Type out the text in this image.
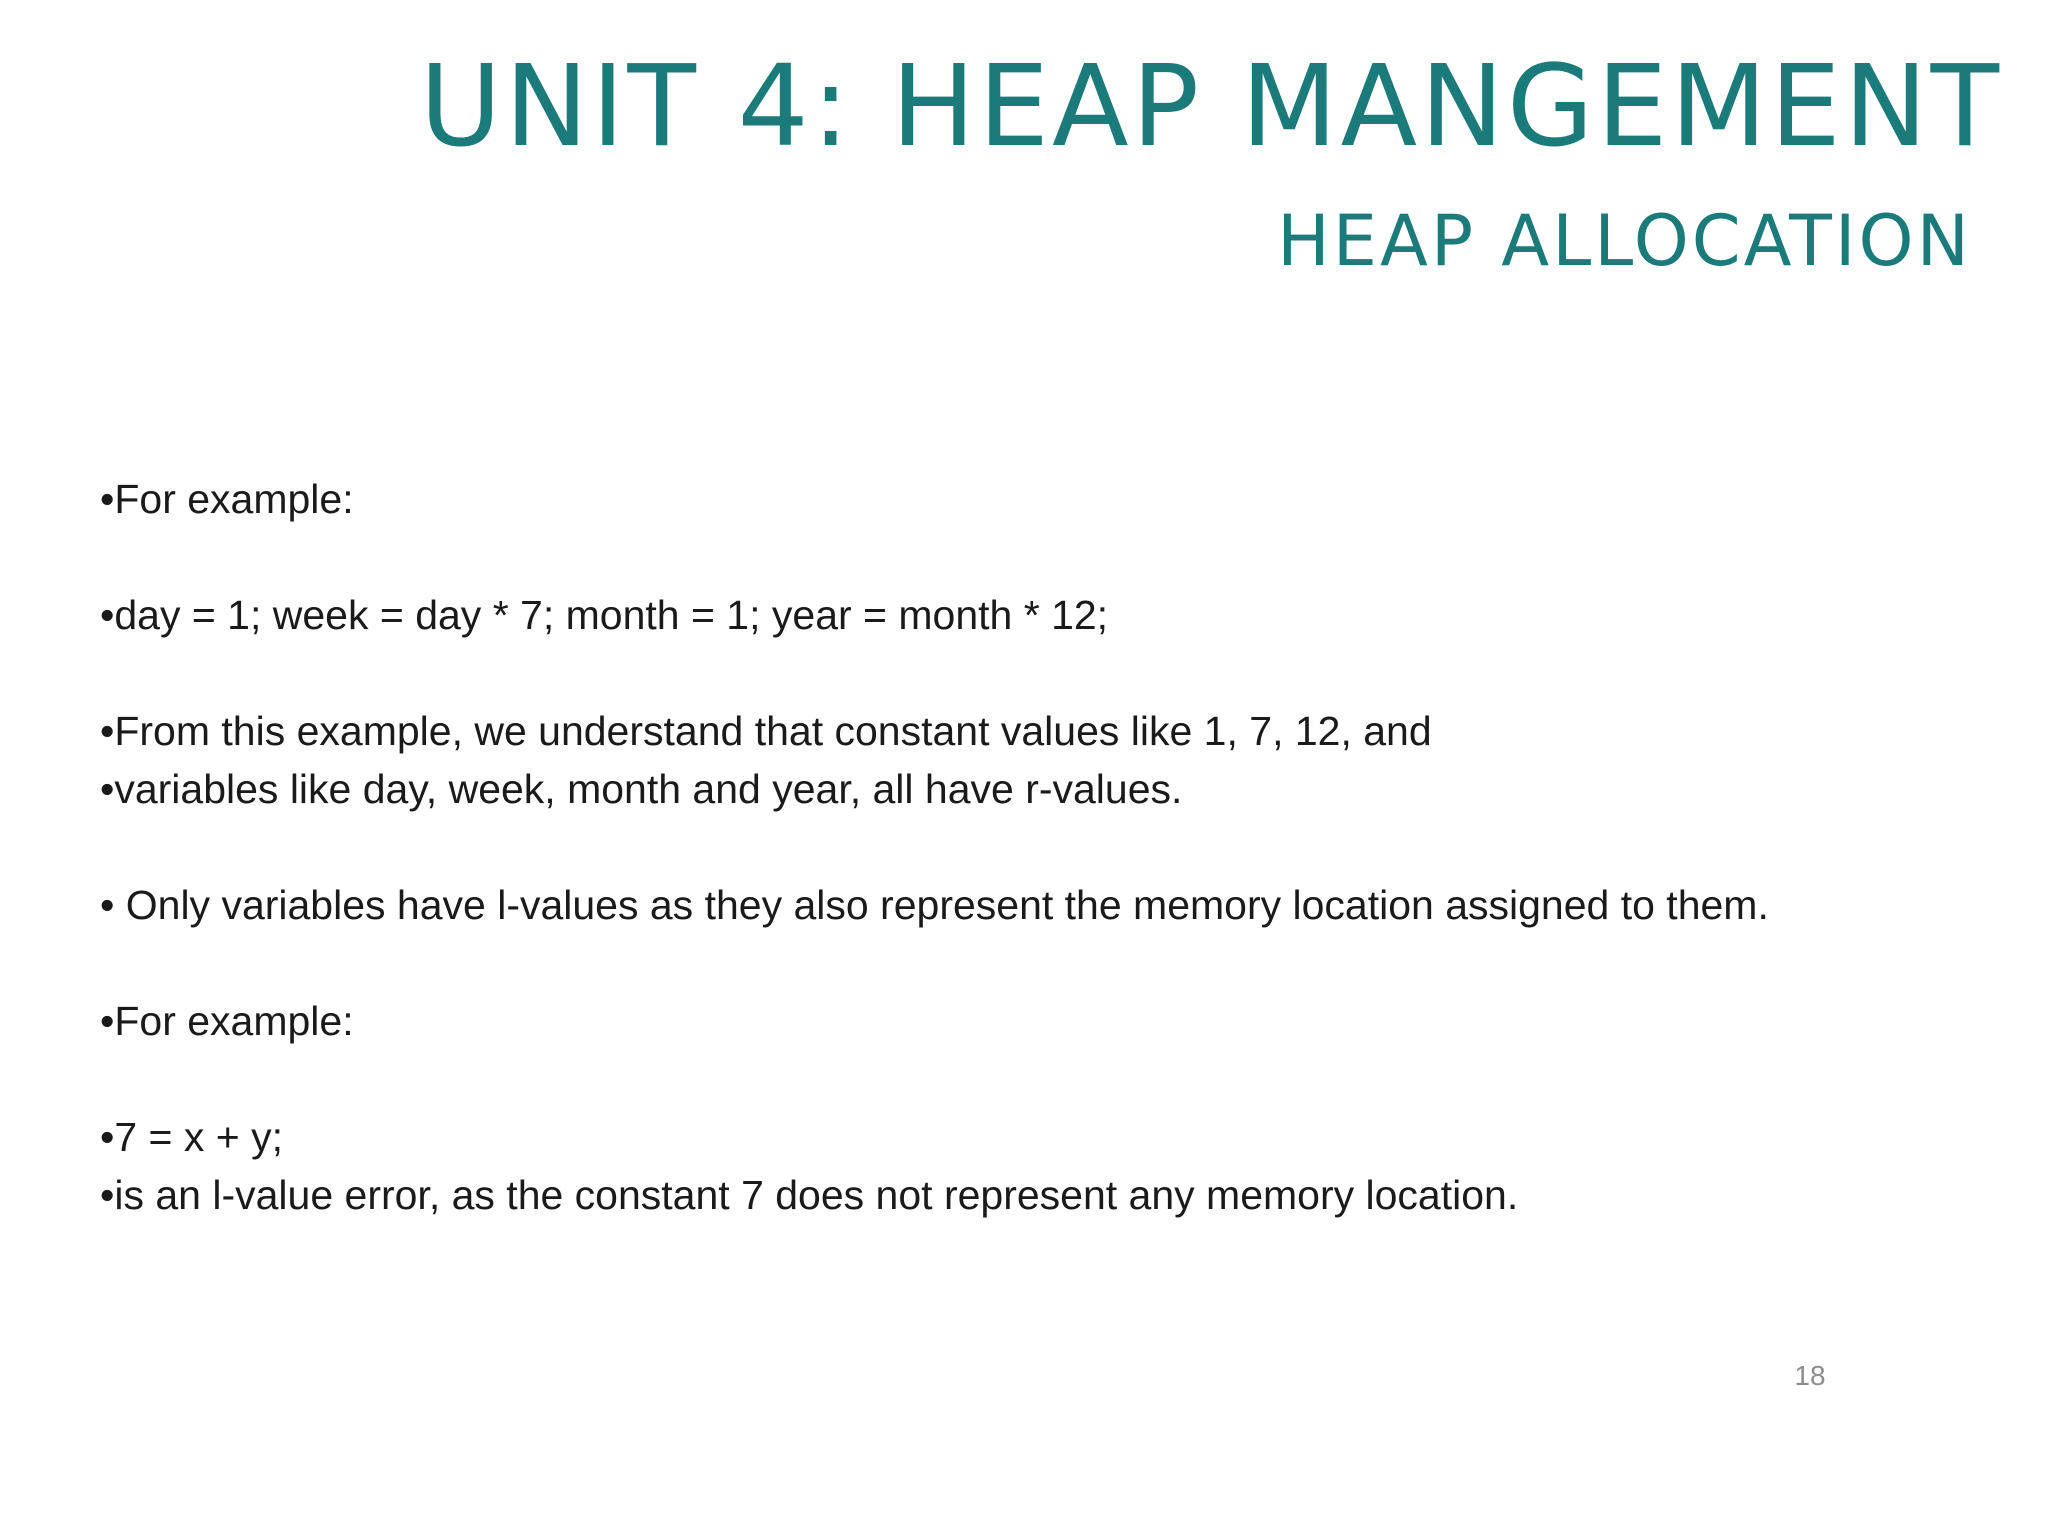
UNIT 4: HEAP MANGEMENT
HEAP ALLOCATION
•For example:
•day = 1; week = day * 7; month = 1; year = month * 12;
•From this example, we understand that constant values like 1, 7, 12, and
•variables like day, week, month and year, all have r-values.
• Only variables have l-values as they also represent the memory location assigned to them.
•For example:
•7 = x + y;
•is an l-value error, as the constant 7 does not represent any memory location.
18
